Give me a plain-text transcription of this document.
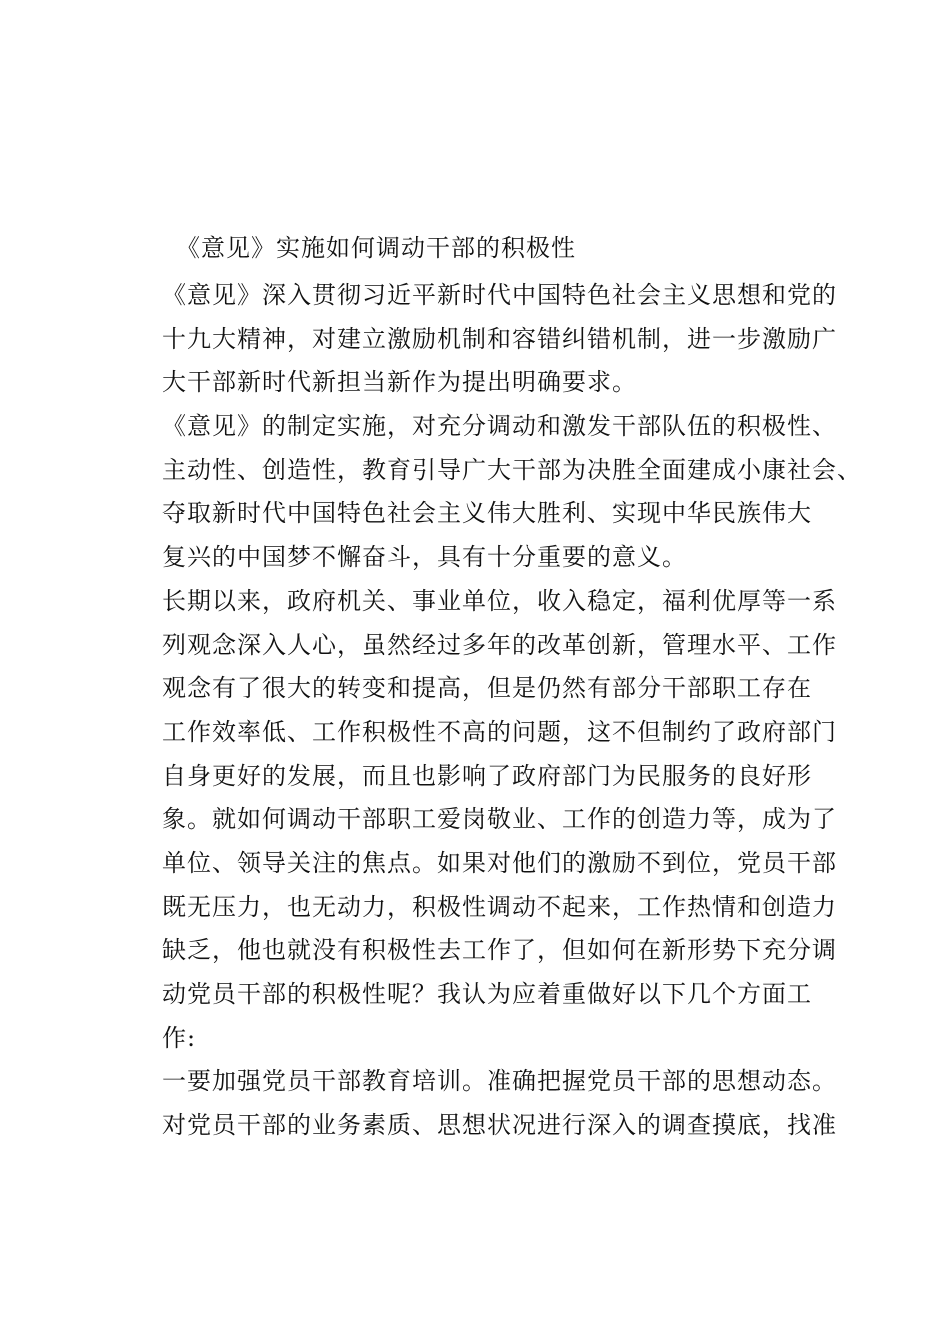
《意见》实施如何调动干部的积极性
《意见》深入贯彻习近平新时代中国特色社会主义思想和党的
十九大精神，对建立激励机制和容错纠错机制，进一步激励广
大干部新时代新担当新作为提出明确要求。
《意见》的制定实施，对充分调动和激发干部队伍的积极性、
主动性、创造性，教育引导广大干部为决胜全面建成小康社会、
夺取新时代中国特色社会主义伟大胜利、实现中华民族伟大
复兴的中国梦不懈奋斗，具有十分重要的意义。
长期以来，政府机关、事业单位，收入稳定，福利优厚等一系
列观念深入人心，虽然经过多年的改革创新，管理水平、工作
观念有了很大的转变和提高，但是仍然有部分干部职工存在
工作效率低、工作积极性不高的问题，这不但制约了政府部门
自身更好的发展，而且也影响了政府部门为民服务的良好形
象。就如何调动干部职工爱岗敬业、工作的创造力等，成为了
单位、领导关注的焦点。如果对他们的激励不到位，党员干部
既无压力，也无动力，积极性调动不起来，工作热情和创造力
缺乏，他也就没有积极性去工作了，但如何在新形势下充分调
动党员干部的积极性呢？我认为应着重做好以下几个方面工
作:
一要加强党员干部教育培训。准确把握党员干部的思想动态。
对党员干部的业务素质、思想状况进行深入的调查摸底，找准
